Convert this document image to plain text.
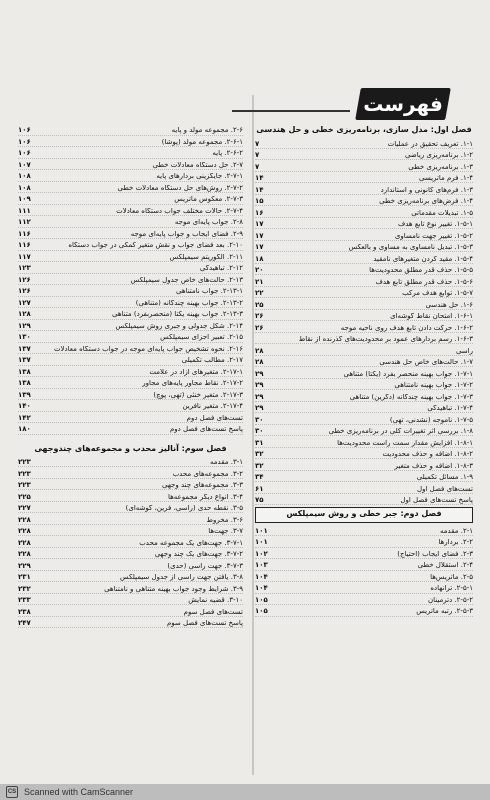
فهرست
فصل اول: مدل سازی، برنامه‌ریزی خطی و حل هندسی
۱-۱. تعریف تحقیق در عملیات
۷
۱-۲. برنامه‌ریزی ریاضی
۷
۱-۳. برنامه‌ریزی خطی
۷
۱-۴. فرم ماتریسی
۱۴
۱-۳. فرم‌های کانونی و استاندارد
۱۴
۱-۴. فرض‌های برنامه‌ریزی خطی
۱۵
۱-۵. تبدیلات مقدماتی
۱۶
۱-۵-۱. تغییر نوع تابع هدف
۱۷
۱-۵-۲. تغییر جهت نامساوی
۱۷
۱-۵-۳. تبدیل نامساوی به مساوی و بالعکس
۱۷
۱-۵-۴. مقید کردن متغیرهای نامقید
۱۸
۱-۵-۵. حذف قدر مطلق محدودیت‌ها
۲۰
۱-۵-۶. حذف قدر مطلق تابع هدف
۲۱
۱-۵-۷. توابع هدف مرکب
۲۲
۱-۶. حل هندسی
۲۵
۱-۶-۱. امتحان نقاط گوشه‌ای
۲۶
۱-۶-۲. حرکت دادن تابع هدف روی ناحیه موجه
۲۶
۱-۶-۳. رسم بردارهای عمود بر محدودیت‌های گذرنده از نقاط
رأسی
۲۸
۱-۷. حالت‌های خاص حل هندسی
۲۸
۱-۷-۱. جواب بهینه منحصر بفرد (یکتا) متناهی
۲۹
۱-۷-۲. جواب بهینه نامتناهی
۲۹
۱-۷-۳. جواب بهینه چندگانه (دگرین) متناهی
۲۹
۱-۷-۴. تباهیدگی
۲۹
۱-۷-۵. ناموجه (نشدنی، تهی)
۳۰
۱-۸. بررسی اثر تغییرات کلی در برنامه‌ریزی خطی
۳۰
۱-۸-۱. افزایش مقدار سمت راست محدودیت‌ها
۳۱
۱-۸-۲. اضافه و حذف محدودیت
۳۲
۱-۸-۳. اضافه و حذف متغیر
۳۲
۱-۹. مسائل تکمیلی
۳۴
تست‌های فصل اول
۶۱
پاسخ تست‌های فصل اول
۷۵
فصل دوم: جبر خطی و روش سیمپلکس
۲-۱. مقدمه
۱۰۱
۲-۲. بردارها
۱۰۱
۲-۳. فضای ایجاب (احتیاج)
۱۰۲
۲-۴. استقلال خطی
۱۰۳
۲-۵. ماتریس‌ها
۱۰۴
۲-۵-۱. ترانهاده
۱۰۴
۲-۵-۲. دترمینان
۱۰۵
۲-۵-۳. رتبه ماتریس
۱۰۵
۲-۶. مجموعه مولد و پایه
۱۰۶
۲-۶-۱. مجموعه مولد (پوشا)
۱۰۶
۲-۶-۲. پایه
۱۰۶
۲-۷. حل دستگاه معادلات خطی
۱۰۷
۲-۷-۱. جایگزینی بردارهای پایه
۱۰۸
۲-۷-۲. روش‌های حل دستگاه معادلات خطی
۱۰۸
۲-۷-۳. معکوس ماتریس
۱۰۹
۲-۷-۴. حالات مختلف جواب دستگاه معادلات
۱۱۱
۲-۸. جواب پایه‌ای موجه
۱۱۲
۲-۹. فضای ایجاب و جواب پایه‌ای موجه
۱۱۶
۲-۱۰. بعد فضای جواب و نقش متغیر کمکی در جواب دستگاه
۱۱۶
۲-۱۱. الگوریتم سیمپلکس
۱۱۷
۲-۱۲. تباهیدگی
۱۲۳
۲-۱۳. حالت‌های خاص جدول سیمپلکس
۱۲۶
۲-۱۳-۱. جواب نامتناهی
۱۲۶
۲-۱۳-۲. جواب بهینه چندگانه (متناهی)
۱۲۷
۲-۱۳-۳. جواب بهینه یکتا (منحصربفرد) متناهی
۱۲۸
۲-۱۴. شکل جدولی و جبری روش سیمپلکس
۱۲۹
۲-۱۵. تعبیر اجزای سیمپلکس
۱۳۰
۲-۱۶. نحوه تشخیص جواب پایه‌ای موجه در جواب دستگاه معادلات
۱۳۷
۲-۱۷. مطالب تکمیلی
۱۳۷
۲-۱۷-۱. متغیرهای آزاد در علامت
۱۳۸
۲-۱۷-۲. نقاط مجاور پایه‌های مجاور
۱۳۸
۲-۱۷-۳. متغیر خنثی (تهی، پوچ)
۱۳۹
۲-۱۷-۴. متغیر نافرین
۱۴۰
تست‌های فصل دوم
۱۴۲
پاسخ تست‌های فصل دوم
۱۸۰
فصل سوم: آنالیز محدب و مجموعه‌های چندوجهی
۳-۱. مقدمه
۲۲۳
۳-۲. مجموعه‌های محدب
۲۲۳
۳-۳. مجموعه‌های چند وجهی
۲۲۳
۳-۴. انواع دیگر مجموعه‌ها
۲۲۵
۳-۵. نقطه حدی (رأسی، فرین، گوشه‌ای)
۲۲۷
۳-۶. مخروط
۲۲۸
۳-۷. جهت‌ها
۲۲۸
۳-۷-۱. جهت‌های یک مجموعه محدب
۲۲۸
۳-۷-۲. جهت‌های یک چند وجهی
۲۲۸
۳-۷-۳. جهت رأسی (حدی)
۲۲۹
۳-۸. یافتن جهت رأسی از جدول سیمپلکس
۲۳۱
۳-۹. شرایط وجود جواب بهینه متناهی و نامتناهی
۲۳۲
۳-۱۰. قضیه نمایش
۲۳۳
تست‌های فصل سوم
۲۳۸
پاسخ تست‌های فصل سوم
۲۴۷
CS Scanned with CamScanner
